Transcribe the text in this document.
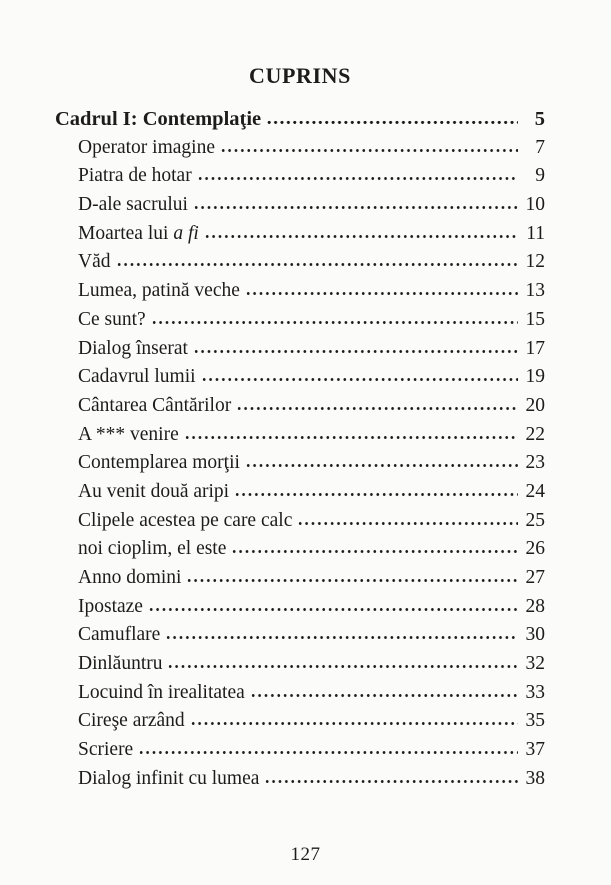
CUPRINS
Cadrul I: Contemplaţie	5
Operator imagine	7
Piatra de hotar	9
D-ale sacrului	10
Moartea lui a fi	11
Văd	12
Lumea, patină veche	13
Ce sunt?	15
Dialog înserat	17
Cadavrul lumii	19
Cântarea Cântărilor	20
A *** venire	22
Contemplarea morţii	23
Au venit două aripi	24
Clipele acestea pe care calc	25
noi cioplim, el este	26
Anno domini	27
Ipostaze	28
Camuflare	30
Dinlăuntru	32
Locuind în irealitatea	33
Cireşe arzând	35
Scriere	37
Dialog infinit cu lumea	38
127
